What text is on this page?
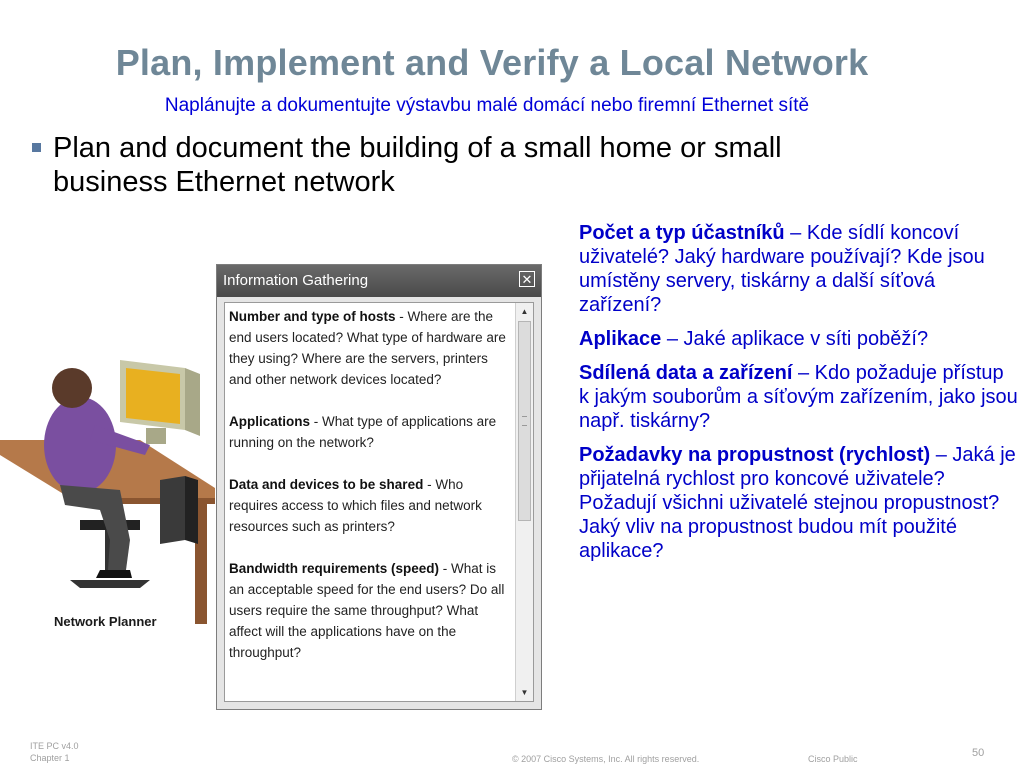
Plan, Implement and Verify a Local Network
Naplánujte a dokumentujte výstavbu malé domácí nebo firemní Ethernet sítě
Plan and document the building of a small home or small business Ethernet network
Network Planner
Information Gathering	✕

Number and type of hosts - Where are the end users located? What type of hardware are they using? Where are the servers, printers and other network devices located?

Applications - What type of applications are running on the network?

Data and devices to be shared - Who requires access to which files and network resources such as printers?

Bandwidth requirements (speed) - What is an acceptable speed for the end users? Do all users require the same throughput? What affect will the applications have on the throughput?

▲
▼

Počet a typ účastníků – Kde sídlí koncoví uživatelé? Jaký hardware používají? Kde jsou umístěny servery, tiskárny a další síťová zařízení?

Aplikace – Jaké aplikace v síti poběží?

Sdílená data a zařízení – Kdo požaduje přístup k jakým souborům a síťovým zařízením, jako jsou např. tiskárny?

Požadavky na propustnost (rychlost) – Jaká je přijatelná rychlost pro koncové uživatele? Požadují všichni uživatelé stejnou propustnost? Jaký vliv na propustnost budou mít použité aplikace?

ITE PC v4.0
Chapter 1	© 2007 Cisco Systems, Inc. All rights reserved.	Cisco Public	50
